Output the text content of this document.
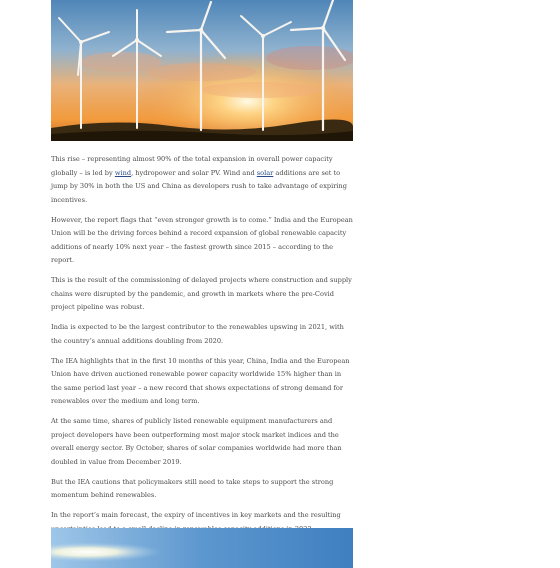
This rise – representing almost 90% of the total expansion in overall power capacity globally – is led by wind, hydropower and solar PV. Wind and solar additions are set to jump by 30% in both the US and China as developers rush to take advantage of expiring incentives.

However, the report flags that “even stronger growth is to come.” India and the European Union will be the driving forces behind a record expansion of global renewable capacity additions of nearly 10% next year – the fastest growth since 2015 – according to the report.

This is the result of the commissioning of delayed projects where construction and supply chains were disrupted by the pandemic, and growth in markets where the pre-Covid project pipeline was robust.

India is expected to be the largest contributor to the renewables upswing in 2021, with the country’s annual additions doubling from 2020.

The IEA highlights that in the first 10 months of this year, China, India and the European Union have driven auctioned renewable power capacity worldwide 15% higher than in the same period last year – a new record that shows expectations of strong demand for renewables over the medium and long term.

At the same time, shares of publicly listed renewable equipment manufacturers and project developers have been outperforming most major stock market indices and the overall energy sector. By October, shares of solar companies worldwide had more than doubled in value from December 2019.

But the IEA cautions that policymakers still need to take steps to support the strong momentum behind renewables.

In the report’s main forecast, the expiry of incentives in key markets and the resulting
